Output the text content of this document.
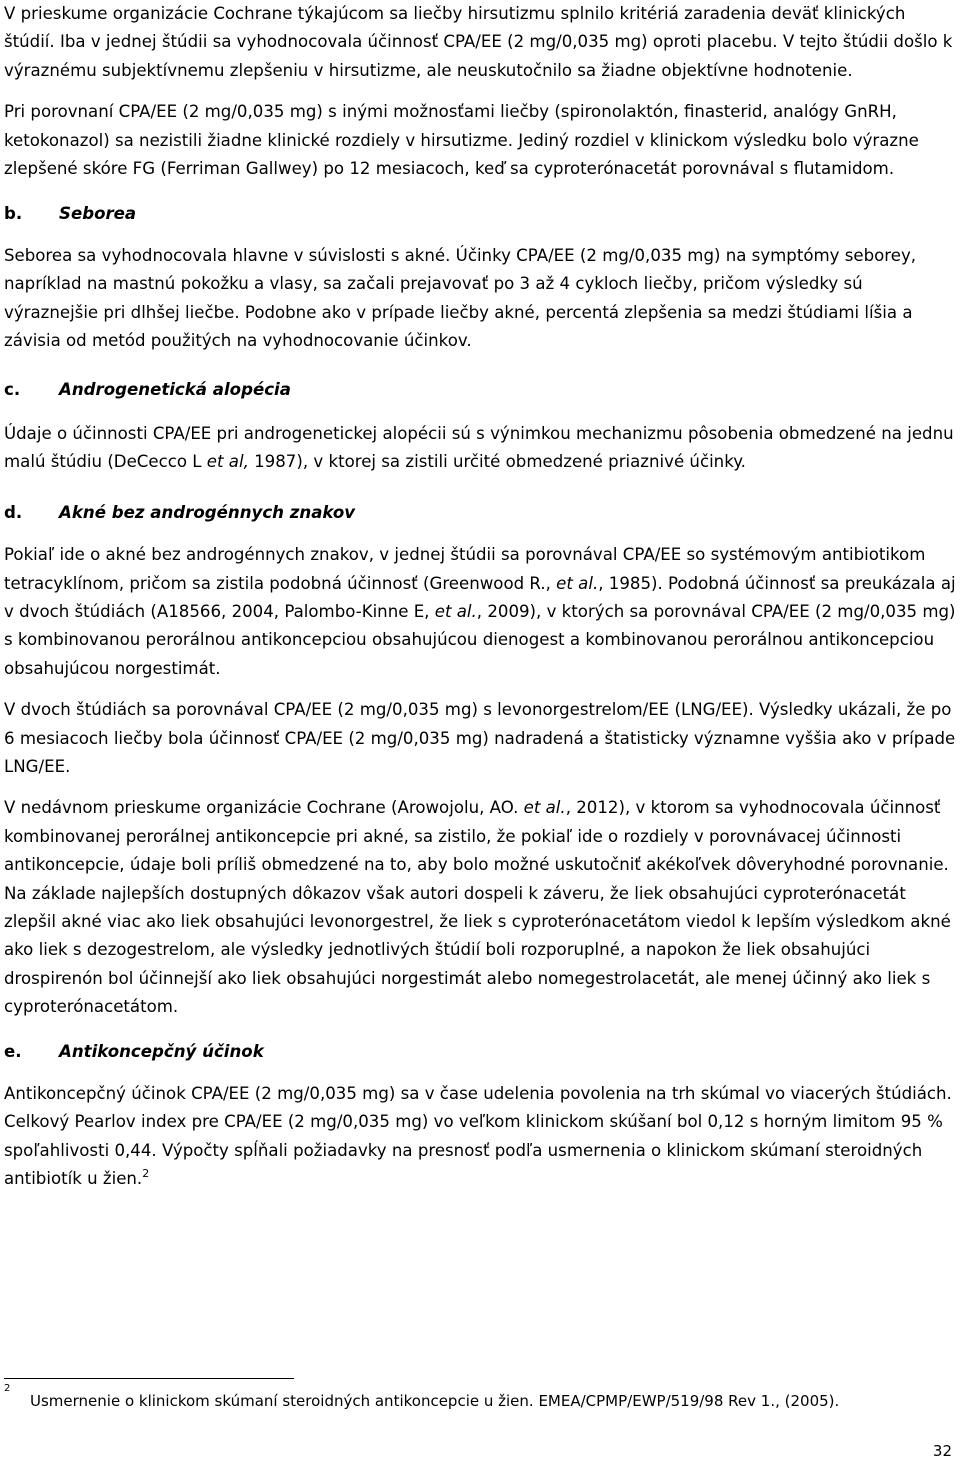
V prieskume organizácie Cochrane týkajúcom sa liečby hirsutizmu splnilo kritériá zaradenia deväť klinických štúdií. Iba v jednej štúdii sa vyhodnocovala účinnosť CPA/EE (2 mg/0,035 mg) oproti placebu. V tejto štúdii došlo k výraznému subjektívnemu zlepšeniu v hirsutizme, ale neuskutočnilo sa žiadne objektívne hodnotenie.

Pri porovnaní CPA/EE (2 mg/0,035 mg) s inými možnosťami liečby (spironolaktón, finasterid, analógy GnRH, ketokonazol) sa nezistili žiadne klinické rozdiely v hirsutizme. Jediný rozdiel v klinickom výsledku bolo výrazne zlepšené skóre FG (Ferriman Gallwey) po 12 mesiacoch, keď sa cyproterónacetát porovnával s flutamidom.

b.	Seborea

Seborea sa vyhodnocovala hlavne v súvislosti s akné. Účinky CPA/EE (2 mg/0,035 mg) na symptómy seborey, napríklad na mastnú pokožku a vlasy, sa začali prejavovať po 3 až 4 cykloch liečby, pričom výsledky sú výraznejšie pri dlhšej liečbe. Podobne ako v prípade liečby akné, percentá zlepšenia sa medzi štúdiami líšia a závisia od metód použitých na vyhodnocovanie účinkov.

c.	Androgenetická alopécia

Údaje o účinnosti CPA/EE pri androgenetickej alopécii sú s výnimkou mechanizmu pôsobenia obmedzené na jednu malú štúdiu (DeCecco L et al, 1987), v ktorej sa zistili určité obmedzené priaznivé účinky.

d.	Akné bez androgénnych znakov

Pokiaľ ide o akné bez androgénnych znakov, v jednej štúdii sa porovnával CPA/EE so systémovým antibiotikom tetracyklínom, pričom sa zistila podobná účinnosť (Greenwood R., et al., 1985). Podobná účinnosť sa preukázala aj v dvoch štúdiách (A18566, 2004, Palombo-Kinne E, et al., 2009), v ktorých sa porovnával CPA/EE (2 mg/0,035 mg) s kombinovanou perorálnou antikoncepciou obsahujúcou dienogest a kombinovanou perorálnou antikoncepciou obsahujúcou norgestimát.

V dvoch štúdiách sa porovnával CPA/EE (2 mg/0,035 mg) s levonorgestrelom/EE (LNG/EE). Výsledky ukázali, že po 6 mesiacoch liečby bola účinnosť CPA/EE (2 mg/0,035 mg) nadradená a štatisticky významne vyššia ako v prípade LNG/EE.

V nedávnom prieskume organizácie Cochrane (Arowojolu, AO. et al., 2012), v ktorom sa vyhodnocovala účinnosť kombinovanej perorálnej antikoncepcie pri akné, sa zistilo, že pokiaľ ide o rozdiely v porovnávacej účinnosti antikoncepcie, údaje boli príliš obmedzené na to, aby bolo možné uskutočniť akékoľvek dôveryhodné porovnanie. Na základe najlepších dostupných dôkazov však autori dospeli k záveru, že liek obsahujúci cyproterónacetát zlepšil akné viac ako liek obsahujúci levonorgestrel, že liek s cyproterónacetátom viedol k lepším výsledkom akné ako liek s dezogestrelom, ale výsledky jednotlivých štúdií boli rozporuplné, a napokon že liek obsahujúci drospirenón bol účinnejší ako liek obsahujúci norgestimát alebo nomegestrolacetát, ale menej účinný ako liek s cyproterónacetátom.

e.	Antikoncepčný účinok

Antikoncepčný účinok CPA/EE (2 mg/0,035 mg) sa v čase udelenia povolenia na trh skúmal vo viacerých štúdiách. Celkový Pearlov index pre CPA/EE (2 mg/0,035 mg) vo veľkom klinickom skúšaní bol 0,12 s horným limitom 95 % spoľahlivosti 0,44. Výpočty spĺňali požiadavky na presnosť podľa usmernenia o klinickom skúmaní steroidných antibiotík u žien.$^2$

2
Usmernenie o klinickom skúmaní steroidných antikoncepcie u žien. EMEA/CPMP/EWP/519/98 Rev 1., (2005).
32
